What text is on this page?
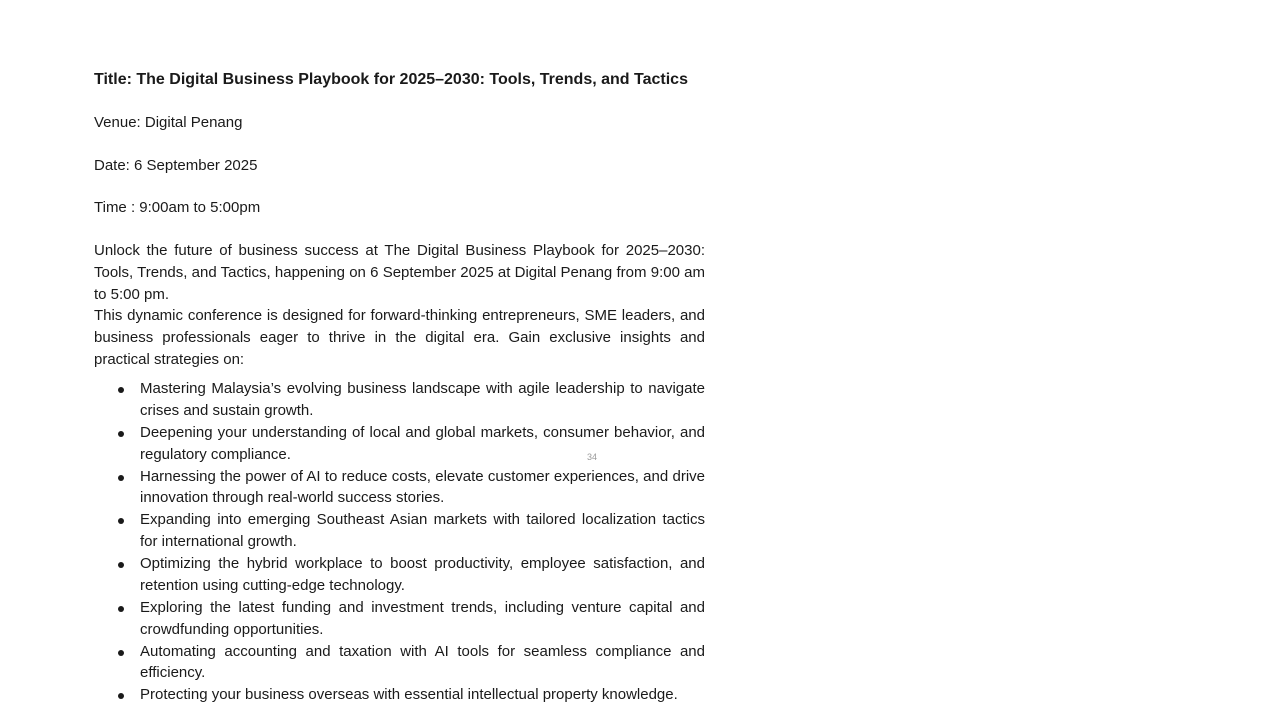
Title: The Digital Business Playbook for 2025–2030: Tools, Trends, and Tactics

Venue: Digital Penang

Date: 6 September 2025

Time : 9:00am to 5:00pm

Unlock the future of business success at The Digital Business Playbook for 2025–2030: Tools, Trends, and Tactics, happening on 6 September 2025 at Digital Penang from 9:00 am to 5:00 pm.

This dynamic conference is designed for forward-thinking entrepreneurs, SME leaders, and business professionals eager to thrive in the digital era. Gain exclusive insights and practical strategies on:

Mastering Malaysia’s evolving business landscape with agile leadership to navigate crises and sustain growth.
Deepening your understanding of local and global markets, consumer behavior, and regulatory compliance.
Harnessing the power of AI to reduce costs, elevate customer experiences, and drive innovation through real-world success stories.
Expanding into emerging Southeast Asian markets with tailored localization tactics for international growth.
Optimizing the hybrid workplace to boost productivity, employee satisfaction, and retention using cutting-edge technology.
Exploring the latest funding and investment trends, including venture capital and crowdfunding opportunities.
Automating accounting and taxation with AI tools for seamless compliance and efficiency.
Protecting your business overseas with essential intellectual property knowledge.
34
